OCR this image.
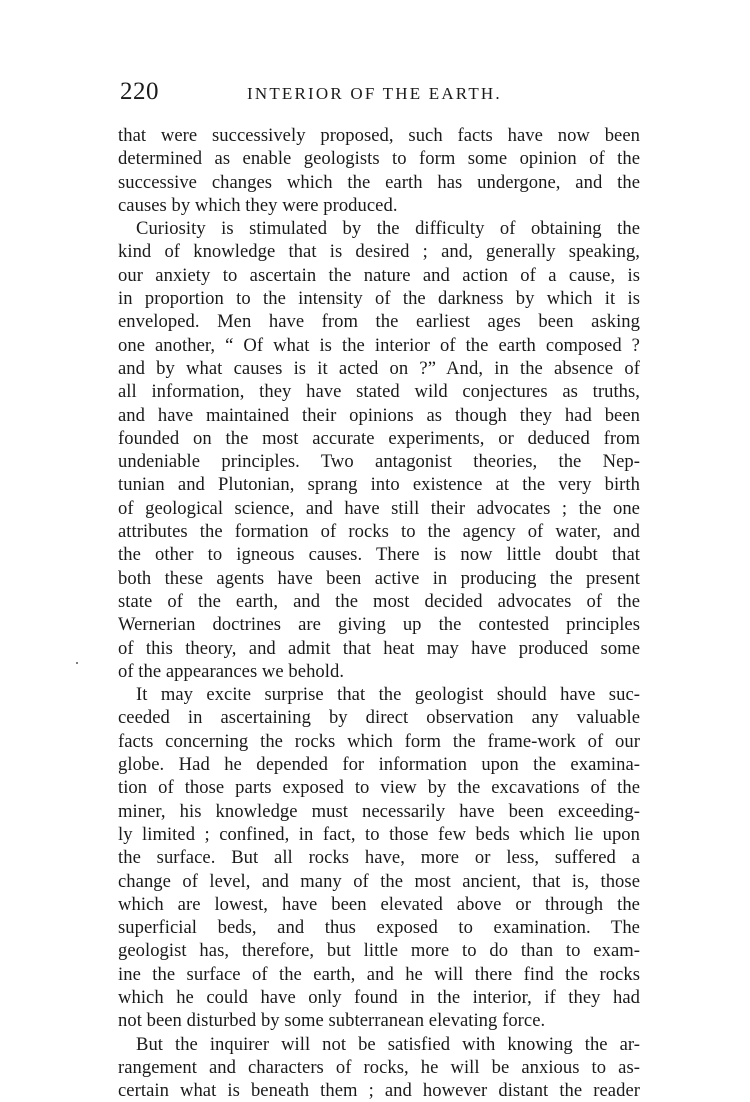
220	INTERIOR OF THE EARTH.
that were successively proposed, such facts have now been
determined as enable geologists to form some opinion of the
successive changes which the earth has undergone, and the
causes by which they were produced.
Curiosity is stimulated by the difficulty of obtaining the
kind of knowledge that is desired ; and, generally speaking,
our anxiety to ascertain the nature and action of a cause, is
in proportion to the intensity of the darkness by which it is
enveloped. Men have from the earliest ages been asking
one another, “ Of what is the interior of the earth composed ?
and by what causes is it acted on ?” And, in the absence of
all information, they have stated wild conjectures as truths,
and have maintained their opinions as though they had been
founded on the most accurate experiments, or deduced from
undeniable principles. Two antagonist theories, the Nep-
tunian and Plutonian, sprang into existence at the very birth
of geological science, and have still their advocates ; the one
attributes the formation of rocks to the agency of water, and
the other to igneous causes. There is now little doubt that
both these agents have been active in producing the present
state of the earth, and the most decided advocates of the
Wernerian doctrines are giving up the contested principles
of this theory, and admit that heat may have produced some
of the appearances we behold.
It may excite surprise that the geologist should have suc-
ceeded in ascertaining by direct observation any valuable
facts concerning the rocks which form the frame-work of our
globe. Had he depended for information upon the examina-
tion of those parts exposed to view by the excavations of the
miner, his knowledge must necessarily have been exceeding-
ly limited ; confined, in fact, to those few beds which lie upon
the surface. But all rocks have, more or less, suffered a
change of level, and many of the most ancient, that is, those
which are lowest, have been elevated above or through the
superficial beds, and thus exposed to examination. The
geologist has, therefore, but little more to do than to exam-
ine the surface of the earth, and he will there find the rocks
which he could have only found in the interior, if they had
not been disturbed by some subterranean elevating force.
But the inquirer will not be satisfied with knowing the ar-
rangement and characters of rocks, he will be anxious to as-
certain what is beneath them ; and however distant the reader
